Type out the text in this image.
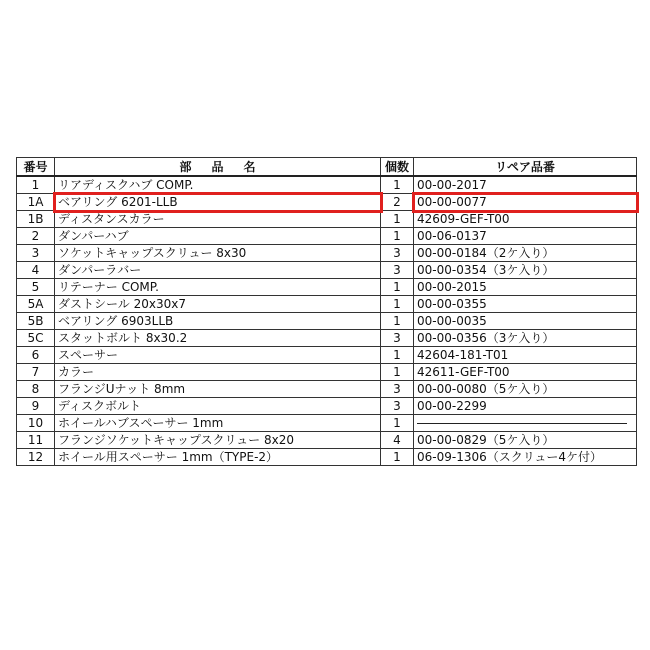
番号	部品名	個数	リペア品番
1	リアディスクハブ COMP.	1	00-00-2017
1A	ベアリング 6201-LLB	2	00-00-0077
1B	ディスタンスカラー	1	42609-GEF-T00
2	ダンパーハブ	1	00-06-0137
3	ソケットキャップスクリュー 8x30	3	00-00-0184（2ケ入り）
4	ダンパーラバー	3	00-00-0354（3ケ入り）
5	リテーナー COMP.	1	00-00-2015
5A	ダストシール 20x30x7	1	00-00-0355
5B	ベアリング 6903LLB	1	00-00-0035
5C	スタットボルト 8x30.2	3	00-00-0356（3ケ入り）
6	スペーサー	1	42604-181-T01
7	カラー	1	42611-GEF-T00
8	フランジUナット 8mm	3	00-00-0080（5ケ入り）
9	ディスクボルト	3	00-00-2299
10	ホイールハブスペーサー 1mm	1	
11	フランジソケットキャップスクリュー 8x20	4	00-00-0829（5ケ入り）
12	ホイール用スペーサー 1mm（TYPE-2）	1	06-09-1306（スクリュー4ケ付）
